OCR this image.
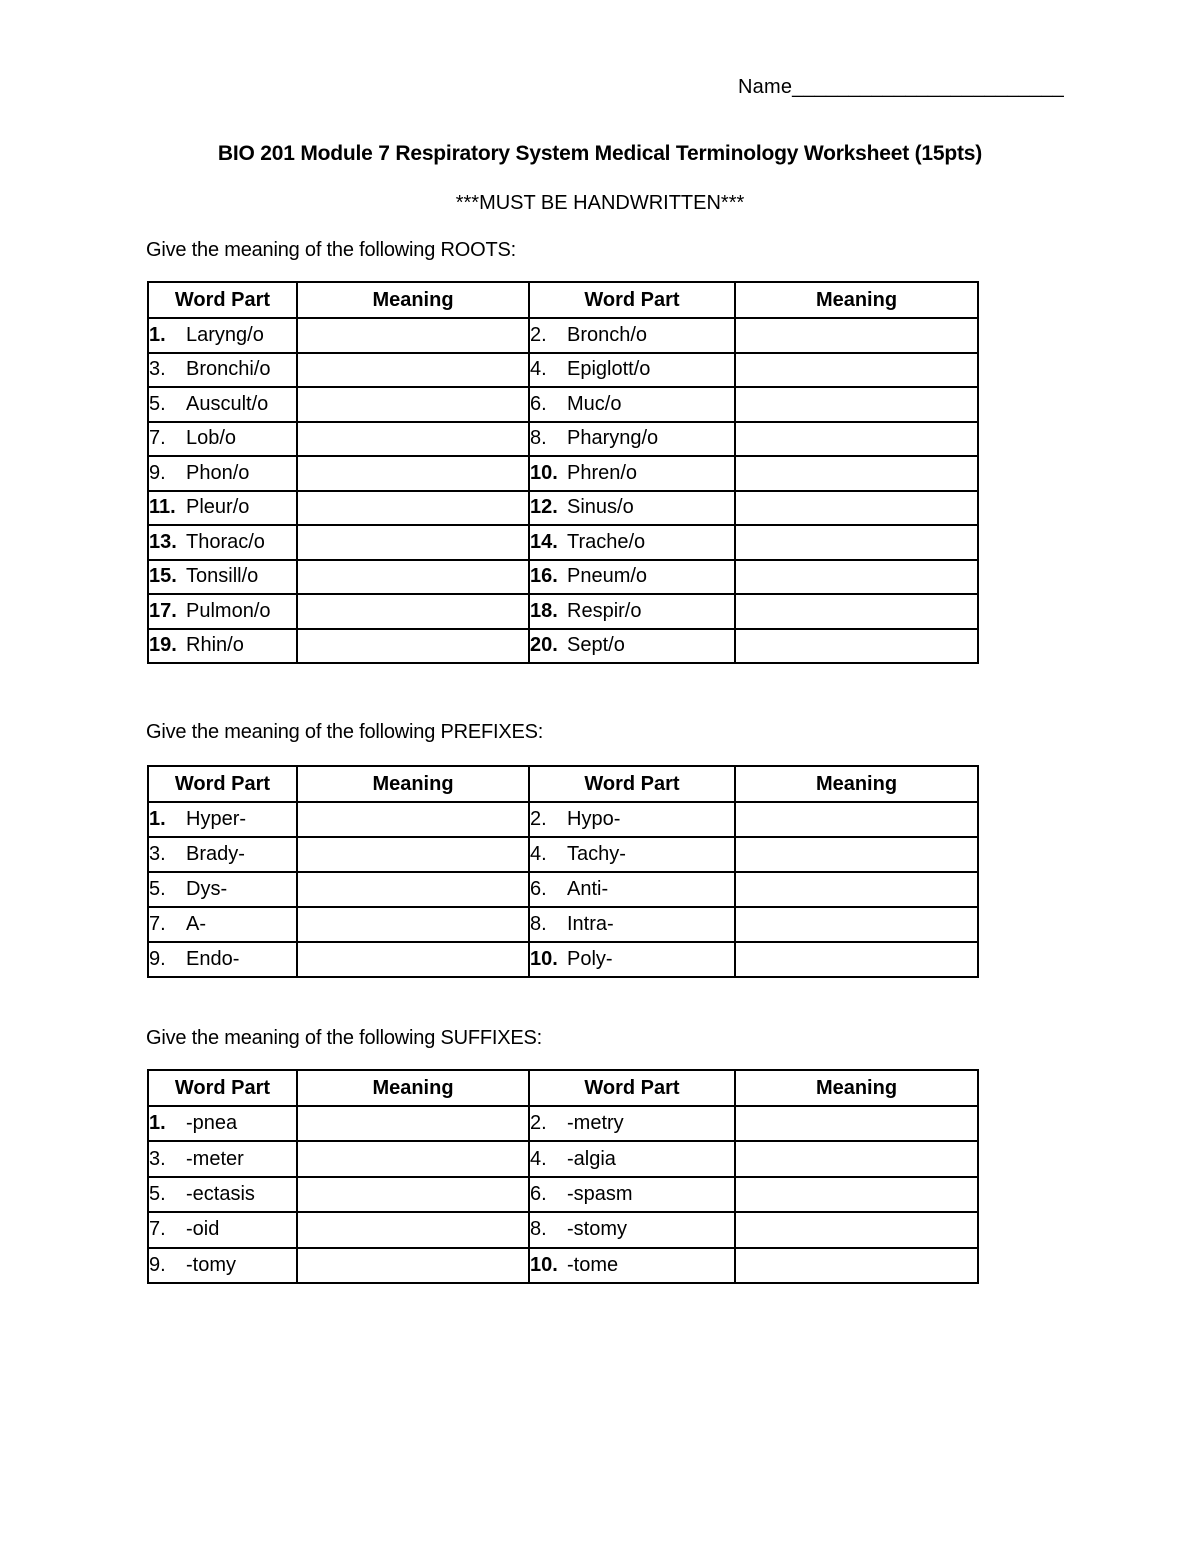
Name________________________
BIO 201 Module 7 Respiratory System Medical Terminology Worksheet (15pts)
***MUST BE HANDWRITTEN***
Give the meaning of the following ROOTS:
Word Part	Meaning	Word Part	Meaning
1. Laryng/o		2. Bronch/o	
3. Bronchi/o		4. Epiglott/o	
5. Auscult/o		6. Muc/o	
7. Lob/o		8. Pharyng/o	
9. Phon/o		10. Phren/o	
11. Pleur/o		12. Sinus/o	
13. Thorac/o		14. Trache/o	
15. Tonsill/o		16. Pneum/o	
17. Pulmon/o		18. Respir/o	
19. Rhin/o		20. Sept/o	
Give the meaning of the following PREFIXES:
Word Part	Meaning	Word Part	Meaning
1. Hyper-		2. Hypo-	
3. Brady-		4. Tachy-	
5. Dys-		6. Anti-	
7. A-		8. Intra-	
9. Endo-		10. Poly-	
Give the meaning of the following SUFFIXES:
Word Part	Meaning	Word Part	Meaning
1. -pnea		2. -metry	
3. -meter		4. -algia	
5. -ectasis		6. -spasm	
7. -oid		8. -stomy	
9. -tomy		10. -tome	
